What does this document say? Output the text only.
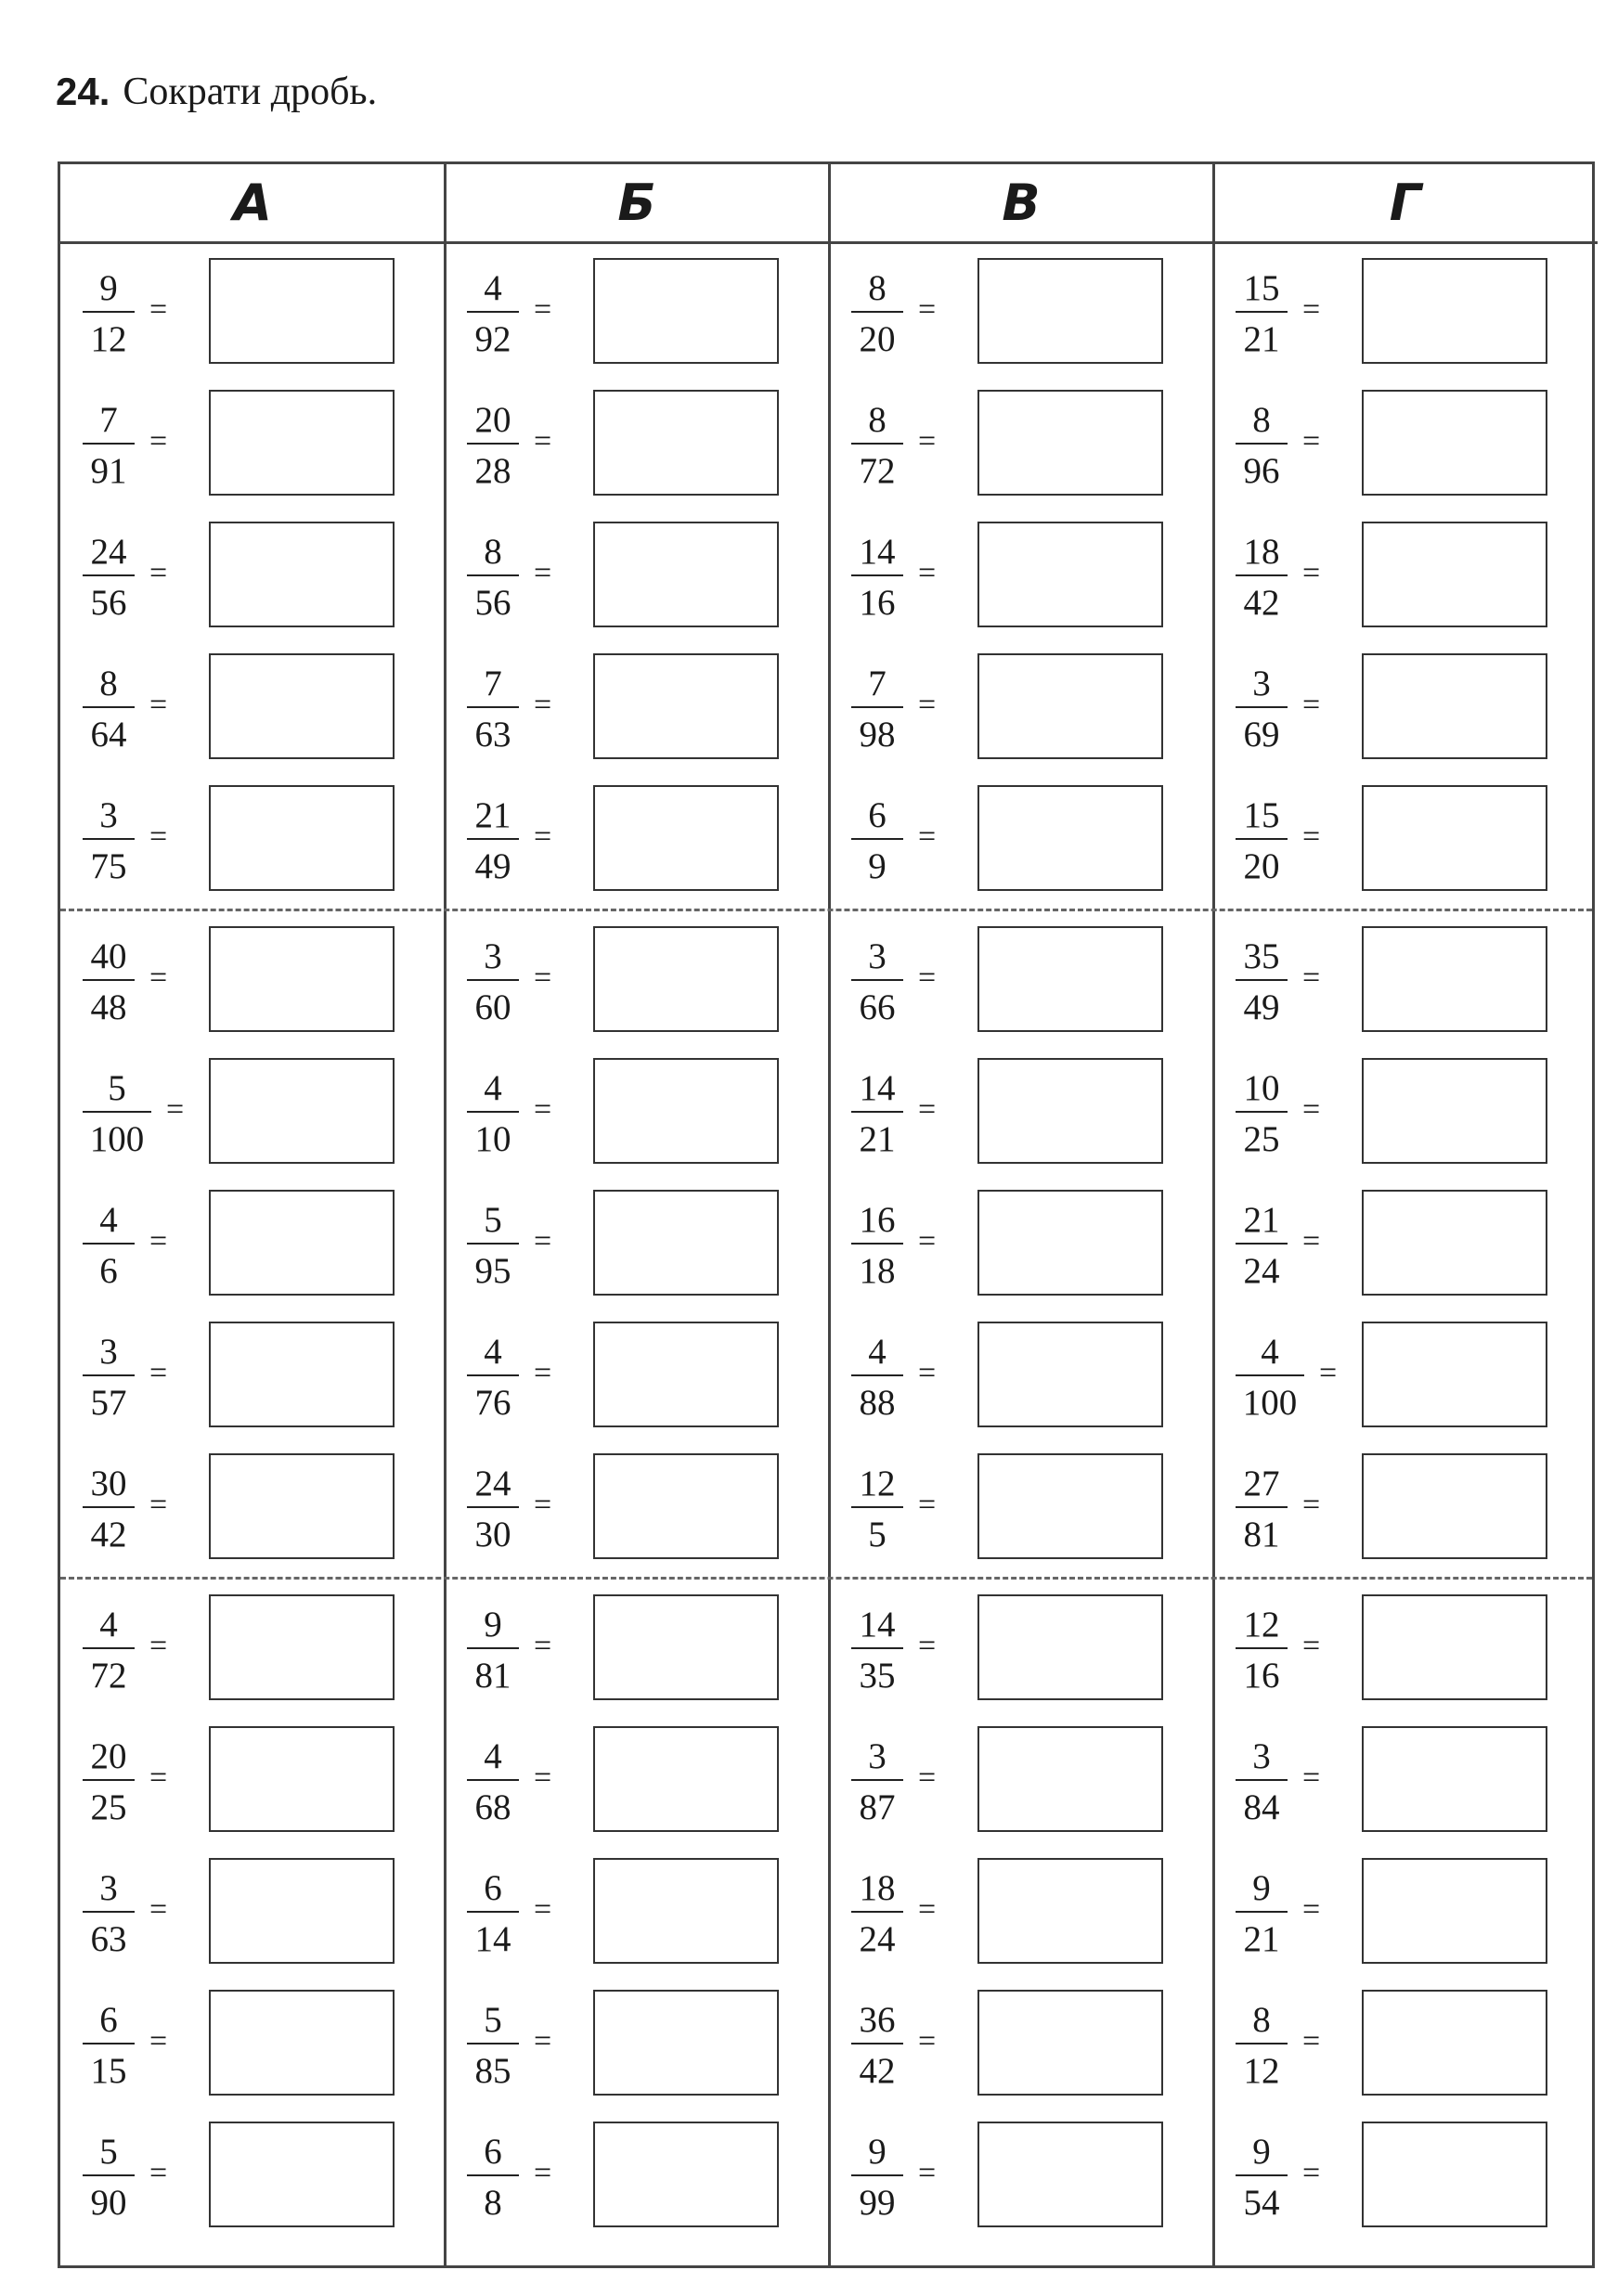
24. Сократи дробь.
А
9
12
=
7
91
=
24
56
=
8
64
=
3
75
=
40
48
=
5
100
=
4
6
=
3
57
=
30
42
=
4
72
=
20
25
=
3
63
=
6
15
=
5
90
=
Б
4
92
=
20
28
=
8
56
=
7
63
=
21
49
=
3
60
=
4
10
=
5
95
=
4
76
=
24
30
=
9
81
=
4
68
=
6
14
=
5
85
=
6
8
=
В
8
20
=
8
72
=
14
16
=
7
98
=
6
9
=
3
66
=
14
21
=
16
18
=
4
88
=
12
5
=
14
35
=
3
87
=
18
24
=
36
42
=
9
99
=
Г
15
21
=
8
96
=
18
42
=
3
69
=
15
20
=
35
49
=
10
25
=
21
24
=
4
100
=
27
81
=
12
16
=
3
84
=
9
21
=
8
12
=
9
54
=
